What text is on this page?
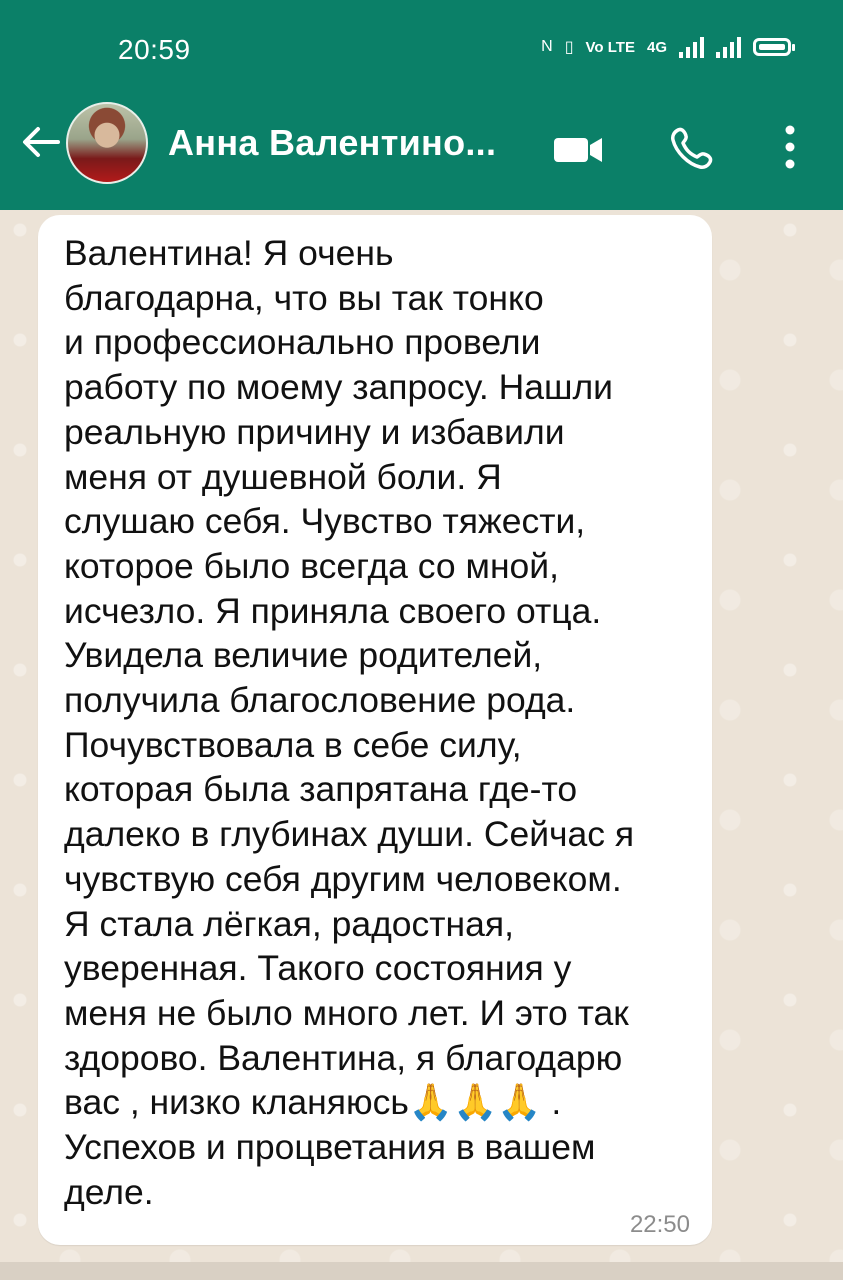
20:59	N ▯ Vo LTE 4G
Анна Валентино...

Валентина! Я очень
благодарна, что вы так тонко
и профессионально провели
работу по моему запросу. Нашли
реальную причину и избавили
меня от душевной боли. Я
слушаю себя. Чувство тяжести,
которое было всегда со мной,
исчезло. Я приняла своего отца.
Увидела величие родителей,
получила благословение рода.
Почувствовала в себе силу,
которая была запрятана где-то
далеко в глубинах души. Сейчас я
чувствую себя другим человеком.
Я стала лёгкая, радостная,
уверенная. Такого состояния у
меня не было много лет. И это так
здорово. Валентина, я благодарю
вас , низко кланяюсь🙏🙏🙏 .
Успехов и процветания в вашем
деле.

22:50
